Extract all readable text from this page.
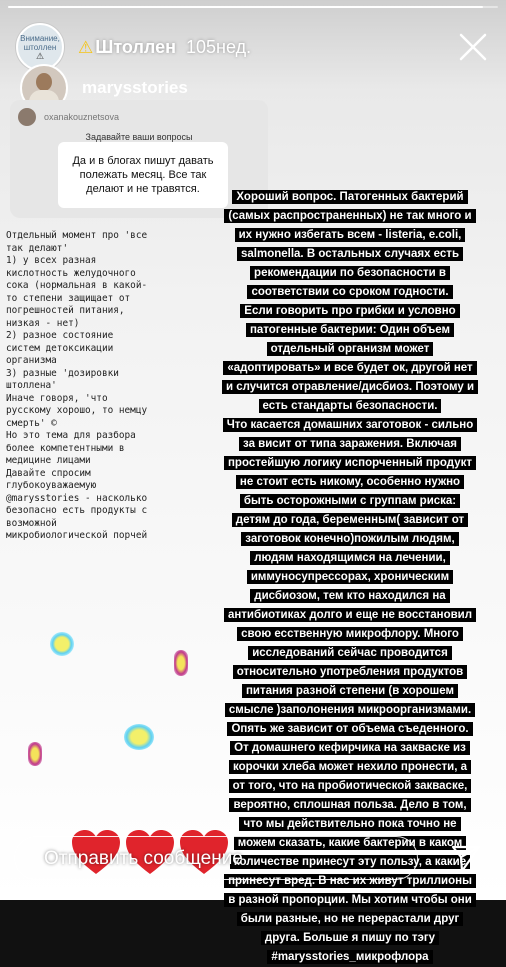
Внимание, штоллен
⚠ ⚠ Штоллен 105нед.
marysstories
oxanakouznetsova
Задавайте ваши вопросы
Да и в блогах пишут давать полежать месяц. Все так делают и не травятся.
Отдельный момент про 'все
так делают'
1) у всех разная
кислотность желудочного
сока (нормальная в какой-
то степени защищает от
погрешностей питания,
низкая - нет)
2) разное состояние
систем детоксикации
организма
3) разные 'дозировки
штоллена'
Иначе говоря, 'что
русскому хорошо, то немцу
смерть' ©
Но это тема для разбора
более компетентными в
медицине лицами
Давайте спросим
глубокоуважаемую
@marysstories - насколько
безопасно есть продукты с
возможной
микробиологической порчей
Хороший вопрос. Патогенных бактерий
(самых распространенных) не так много и
их нужно избегать всем - listeria, e.coli,
salmonella. В остальных случаях есть
рекомендации по безопасности в
соответствии со сроком годности.
Если говорить про грибки и условно
патогенные бактерии: Один объем
отдельный организм может
«адоптировать» и все будет ок, другой нет
и случится отравление/дисбиоз. Поэтому и
есть стандарты безопасности.
Что касается домашних заготовок - сильно
за висит от типа заражения. Включая
простейшую логику испорченный продукт
не стоит есть никому, особенно нужно
быть осторожными с группам риска:
детям до года, беременным( зависит от
заготовок конечно)пожилым людям,
людям находящимся на лечении,
иммуносупрессорах, хроническим
дисбиозом, тем кто находился на
антибиотиках долго и еще не восстановил
свою есственную микрофлору. Много
исследований сейчас проводится
относительно употребления продуктов
питания разной степени (в хорошем
смысле )заполонения микроорганизмами.
Опять же зависит от объема съеденного.
От домашнего кефирчика на закваске из
корочки хлеба может нехило пронести, а
от того, что на пробиотической закваске,
вероятно, сплошная польза. Дело в том,
что мы действительно пока точно не
можем сказать, какие бактерии в каком
количестве принесут эту пользу, а какие
принесут вред. В нас их живут триллионы
в разной пропорции. Мы хотим чтобы они
были разные, но не перерастали друг
друга. Больше я пишу по тэгу
#marysstories_микрофлора
Отправить сообщение
